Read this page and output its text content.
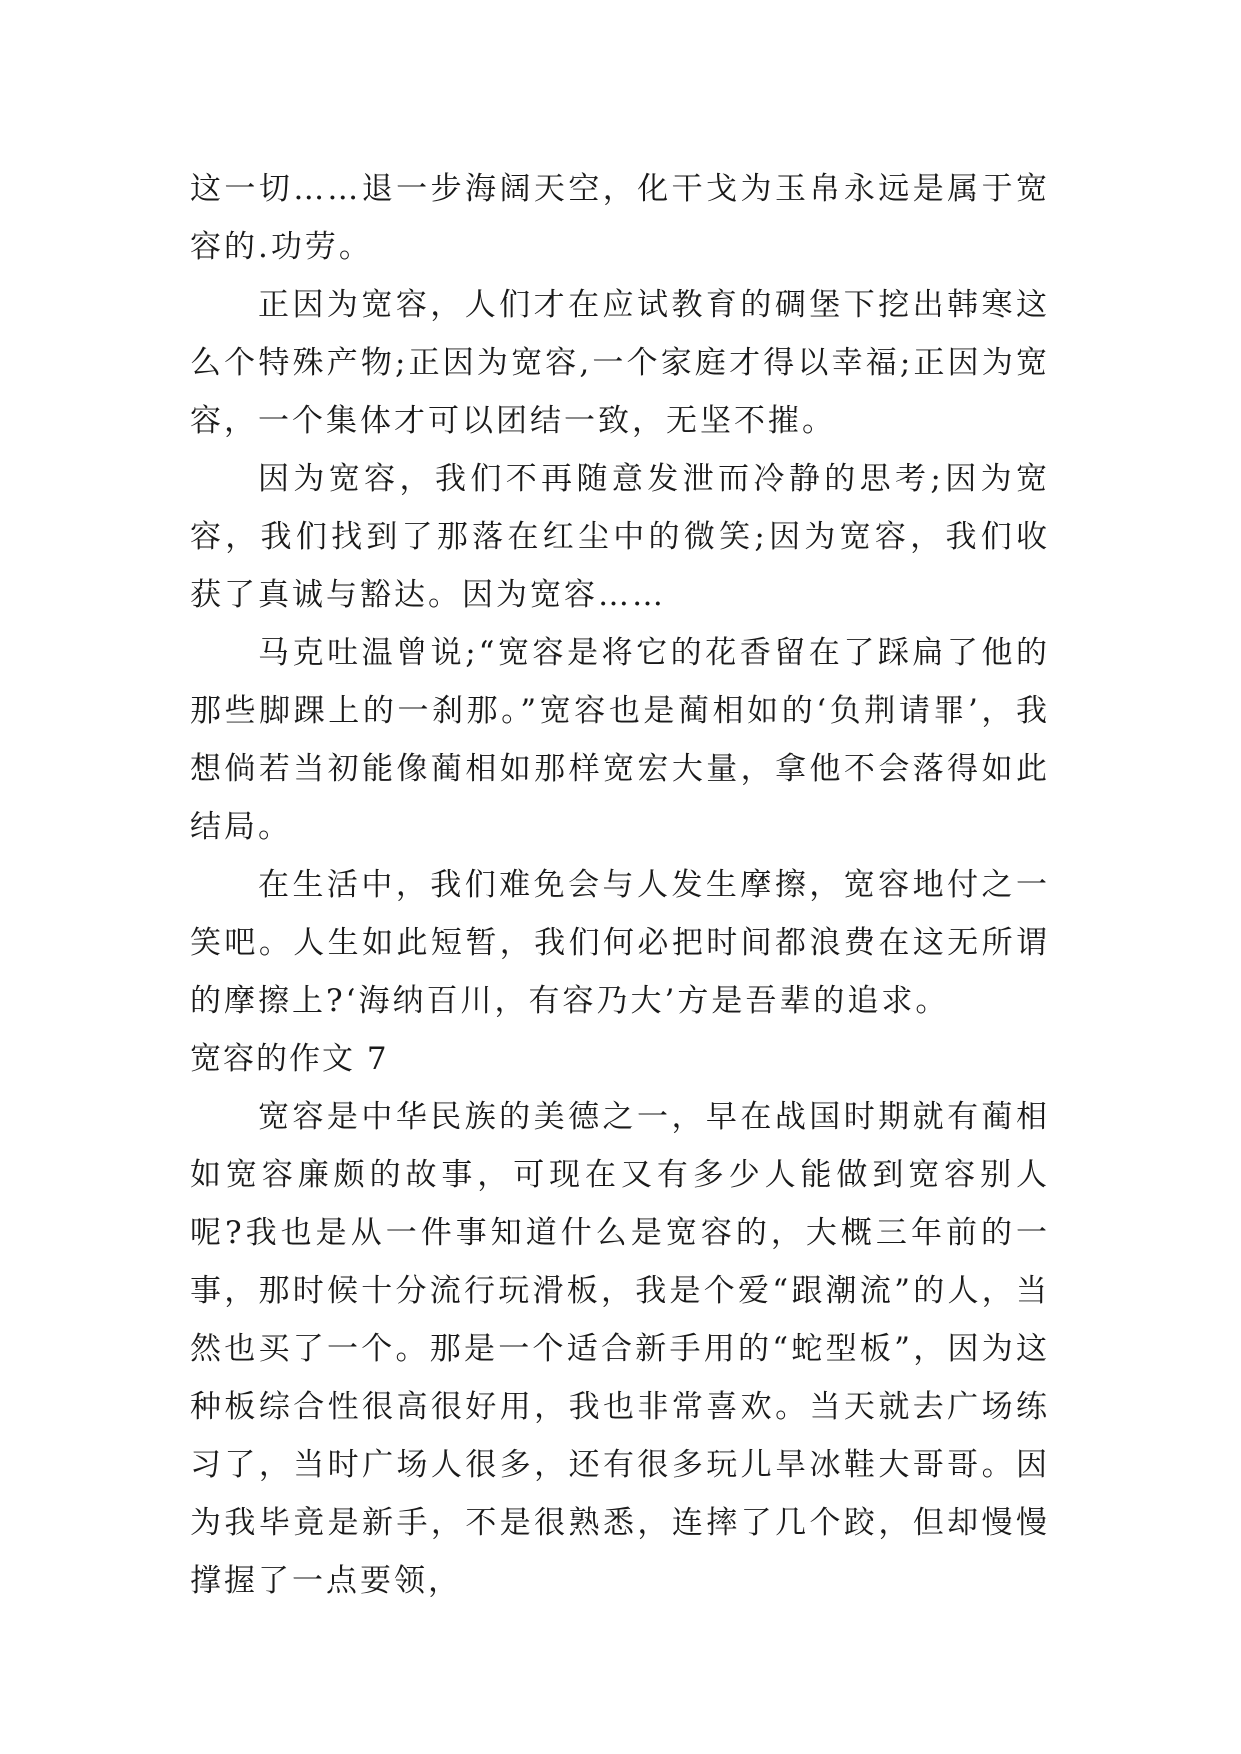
这一切……退一步海阔天空，化干戈为玉帛永远是属于宽容的.功劳。

正因为宽容，人们才在应试教育的碉堡下挖出韩寒这么个特殊产物;正因为宽容,一个家庭才得以幸福;正因为宽容，一个集体才可以团结一致，无坚不摧。

因为宽容，我们不再随意发泄而冷静的思考;因为宽容，我们找到了那落在红尘中的微笑;因为宽容，我们收获了真诚与豁达。因为宽容……

马克吐温曾说;“宽容是将它的花香留在了踩扁了他的那些脚踝上的一刹那。”宽容也是蔺相如的‘负荆请罪’，我想倘若当初能像蔺相如那样宽宏大量，拿他不会落得如此结局。

在生活中，我们难免会与人发生摩擦，宽容地付之一笑吧。人生如此短暂，我们何必把时间都浪费在这无所谓的摩擦上?‘海纳百川，有容乃大’方是吾辈的追求。

宽容的作文 7

宽容是中华民族的美德之一，早在战国时期就有蔺相如宽容廉颇的故事，可现在又有多少人能做到宽容别人呢?我也是从一件事知道什么是宽容的，大概三年前的一事，那时候十分流行玩滑板，我是个爱“跟潮流”的人，当然也买了一个。那是一个适合新手用的“蛇型板”，因为这种板综合性很高很好用，我也非常喜欢。当天就去广场练习了，当时广场人很多，还有很多玩儿旱冰鞋大哥哥。因为我毕竟是新手，不是很熟悉，连摔了几个跤，但却慢慢撑握了一点要领，
